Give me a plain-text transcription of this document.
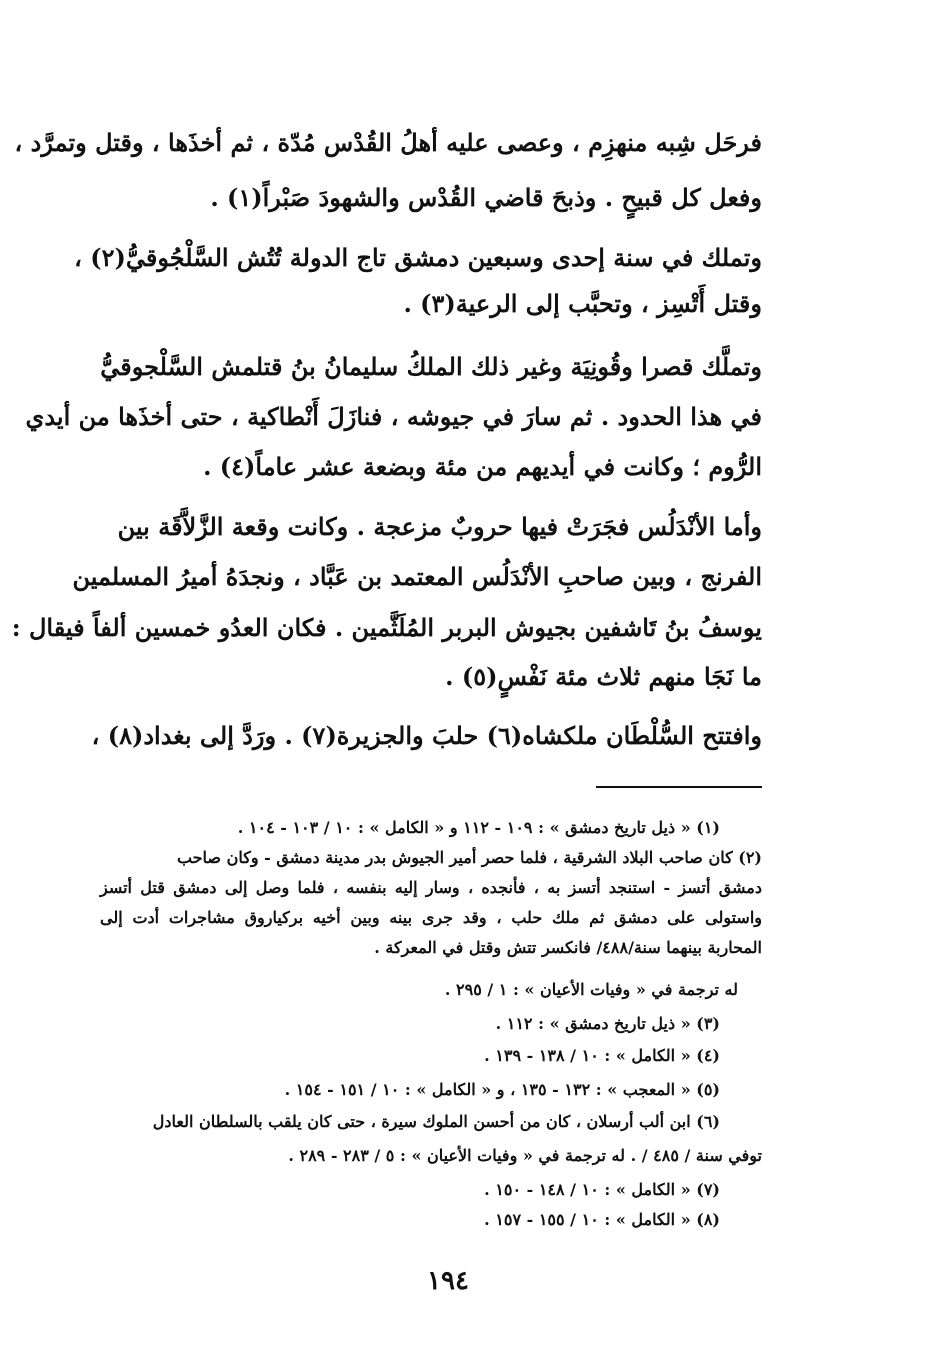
فرحَل شِبه منهزِم ، وعصى عليه أهلُ القُدْس مُدّة ، ثم أخذَها ، وقتل وتمرَّد ،
وفعل كل قبيحٍ . وذبحَ قاضي القُدْس والشهودَ صَبْراً(١) .
وتملك في سنة إحدى وسبعين دمشق تاج الدولة تُتُش السَّلْجُوقيُّ(٢) ،
وقتل أَتْسِز ، وتحبَّب إلى الرعية(٣) .
وتملَّك قصرا وقُونِيَة وغير ذلك الملكُ سليمانُ بنُ قتلمش السَّلْجوقيُّ
في هذا الحدود . ثم سارَ في جيوشه ، فنازَلَ أَنْطاكية ، حتى أخذَها من أيدي
الرُّوم ؛ وكانت في أيديهم من مئة وبضعة عشر عاماً(٤) .
وأما الأنْدَلُس فجَرَتْ فيها حروبٌ مزعجة . وكانت وقعة الزَّلاَّقَة بين
الفرنج ، وبين صاحبِ الأنْدَلُس المعتمد بن عَبَّاد ، ونجدَهُ أميرُ المسلمين
يوسفُ بنُ تَاشفين بجيوش البربر المُلَثَّمين . فكان العدُو خمسين ألفاً فيقال :
ما نَجَا منهم ثلاث مئة نَفْسٍ(٥) .
وافتتح السُّلْطَان ملكشاه(٦) حلبَ والجزيرة(٧) . ورَدَّ إلى بغداد(٨) ،
(١) « ذيل تاريخ دمشق » : ١٠٩ - ١١٢ و « الكامل » : ١٠ / ١٠٣ - ١٠٤ .
(٢) كان صاحب البلاد الشرقية ، فلما حصر أمير الجيوش بدر مدينة دمشق - وكان صاحب
دمشق أتسز - استنجد أتسز به ، فأنجده ، وسار إليه بنفسه ، فلما وصل إلى دمشق قتل أتسز
واستولى على دمشق ثم ملك حلب ، وقد جرى بينه وبين أخيه بركياروق مشاجرات أدت إلى
المحاربة بينهما سنة/٤٨٨/ فانكسر تتش وقتل في المعركة .
له ترجمة في « وفيات الأعيان » : ١ / ٢٩٥ .
(٣) « ذيل تاريخ دمشق » : ١١٢ .
(٤) « الكامل » : ١٠ / ١٣٨ - ١٣٩ .
(٥) « المعجب » : ١٣٢ - ١٣٥ ، و « الكامل » : ١٠ / ١٥١ - ١٥٤ .
(٦) ابن ألب أرسلان ، كان من أحسن الملوك سيرة ، حتى كان يلقب بالسلطان العادل
توفي سنة / ٤٨٥ / . له ترجمة في « وفيات الأعيان » : ٥ / ٢٨٣ - ٢٨٩ .
(٧) « الكامل » : ١٠ / ١٤٨ - ١٥٠ .
(٨) « الكامل » : ١٠ / ١٥٥ - ١٥٧ .
١٩٤
